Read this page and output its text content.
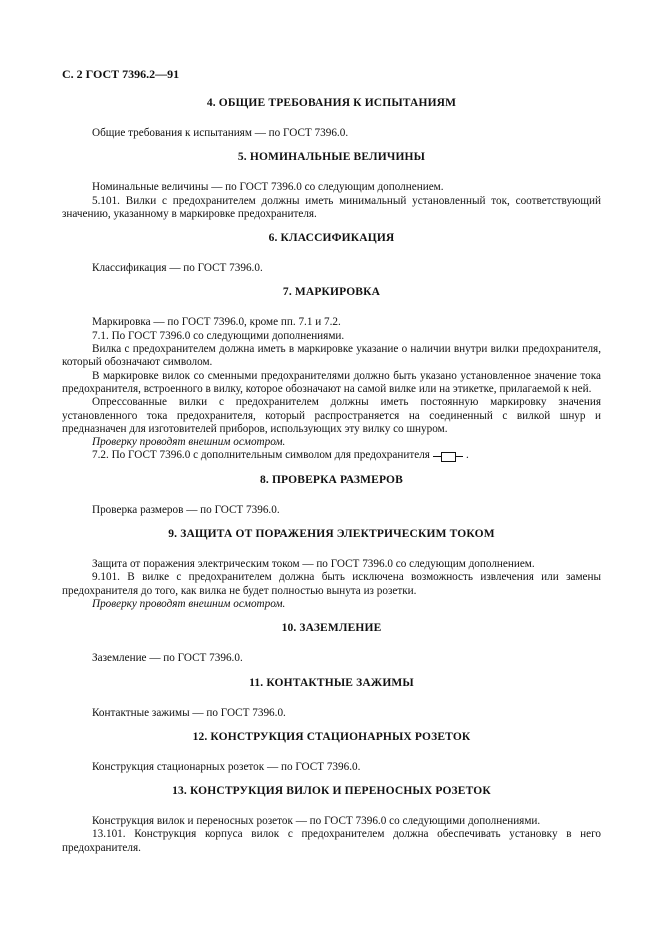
С. 2 ГОСТ 7396.2—91
4. ОБЩИЕ ТРЕБОВАНИЯ К ИСПЫТАНИЯМ

Общие требования к испытаниям — по ГОСТ 7396.0.

5. НОМИНАЛЬНЫЕ ВЕЛИЧИНЫ

Номинальные величины — по ГОСТ 7396.0 со следующим дополнением.

5.101. Вилки с предохранителем должны иметь минимальный установленный ток, соответствующий значению, указанному в маркировке предохранителя.

6. КЛАССИФИКАЦИЯ

Классификация — по ГОСТ 7396.0.

7. МАРКИРОВКА

Маркировка — по ГОСТ 7396.0, кроме пп. 7.1 и 7.2.

7.1. По ГОСТ 7396.0 со следующими дополнениями.

Вилка с предохранителем должна иметь в маркировке указание о наличии внутри вилки предохранителя, который обозначают символом.

В маркировке вилок со сменными предохранителями должно быть указано установленное значение тока предохранителя, встроенного в вилку, которое обозначают на самой вилке или на этикетке, прилагаемой к ней.

Опрессованные вилки с предохранителем должны иметь постоянную маркировку значения установленного тока предохранителя, который распространяется на соединенный с вилкой шнур и предназначен для изготовителей приборов, использующих эту вилку со шнуром.

Проверку проводят внешним осмотром.

7.2. По ГОСТ 7396.0 с дополнительным символом для предохранителя	.

8. ПРОВЕРКА РАЗМЕРОВ

Проверка размеров — по ГОСТ 7396.0.

9. ЗАЩИТА ОТ ПОРАЖЕНИЯ ЭЛЕКТРИЧЕСКИМ ТОКОМ

Защита от поражения электрическим током — по ГОСТ 7396.0 со следующим дополнением.

9.101. В вилке с предохранителем должна быть исключена возможность извлечения или замены предохранителя до того, как вилка не будет полностью вынута из розетки.

Проверку проводят внешним осмотром.

10. ЗАЗЕМЛЕНИЕ

Заземление — по ГОСТ 7396.0.

11. КОНТАКТНЫЕ ЗАЖИМЫ

Контактные зажимы — по ГОСТ 7396.0.

12. КОНСТРУКЦИЯ СТАЦИОНАРНЫХ РОЗЕТОК

Конструкция стационарных розеток — по ГОСТ 7396.0.

13. КОНСТРУКЦИЯ ВИЛОК И ПЕРЕНОСНЫХ РОЗЕТОК

Конструкция вилок и переносных розеток — по ГОСТ 7396.0 со следующими дополнениями.

13.101. Конструкция корпуса вилок с предохранителем должна обеспечивать установку в него предохранителя.
